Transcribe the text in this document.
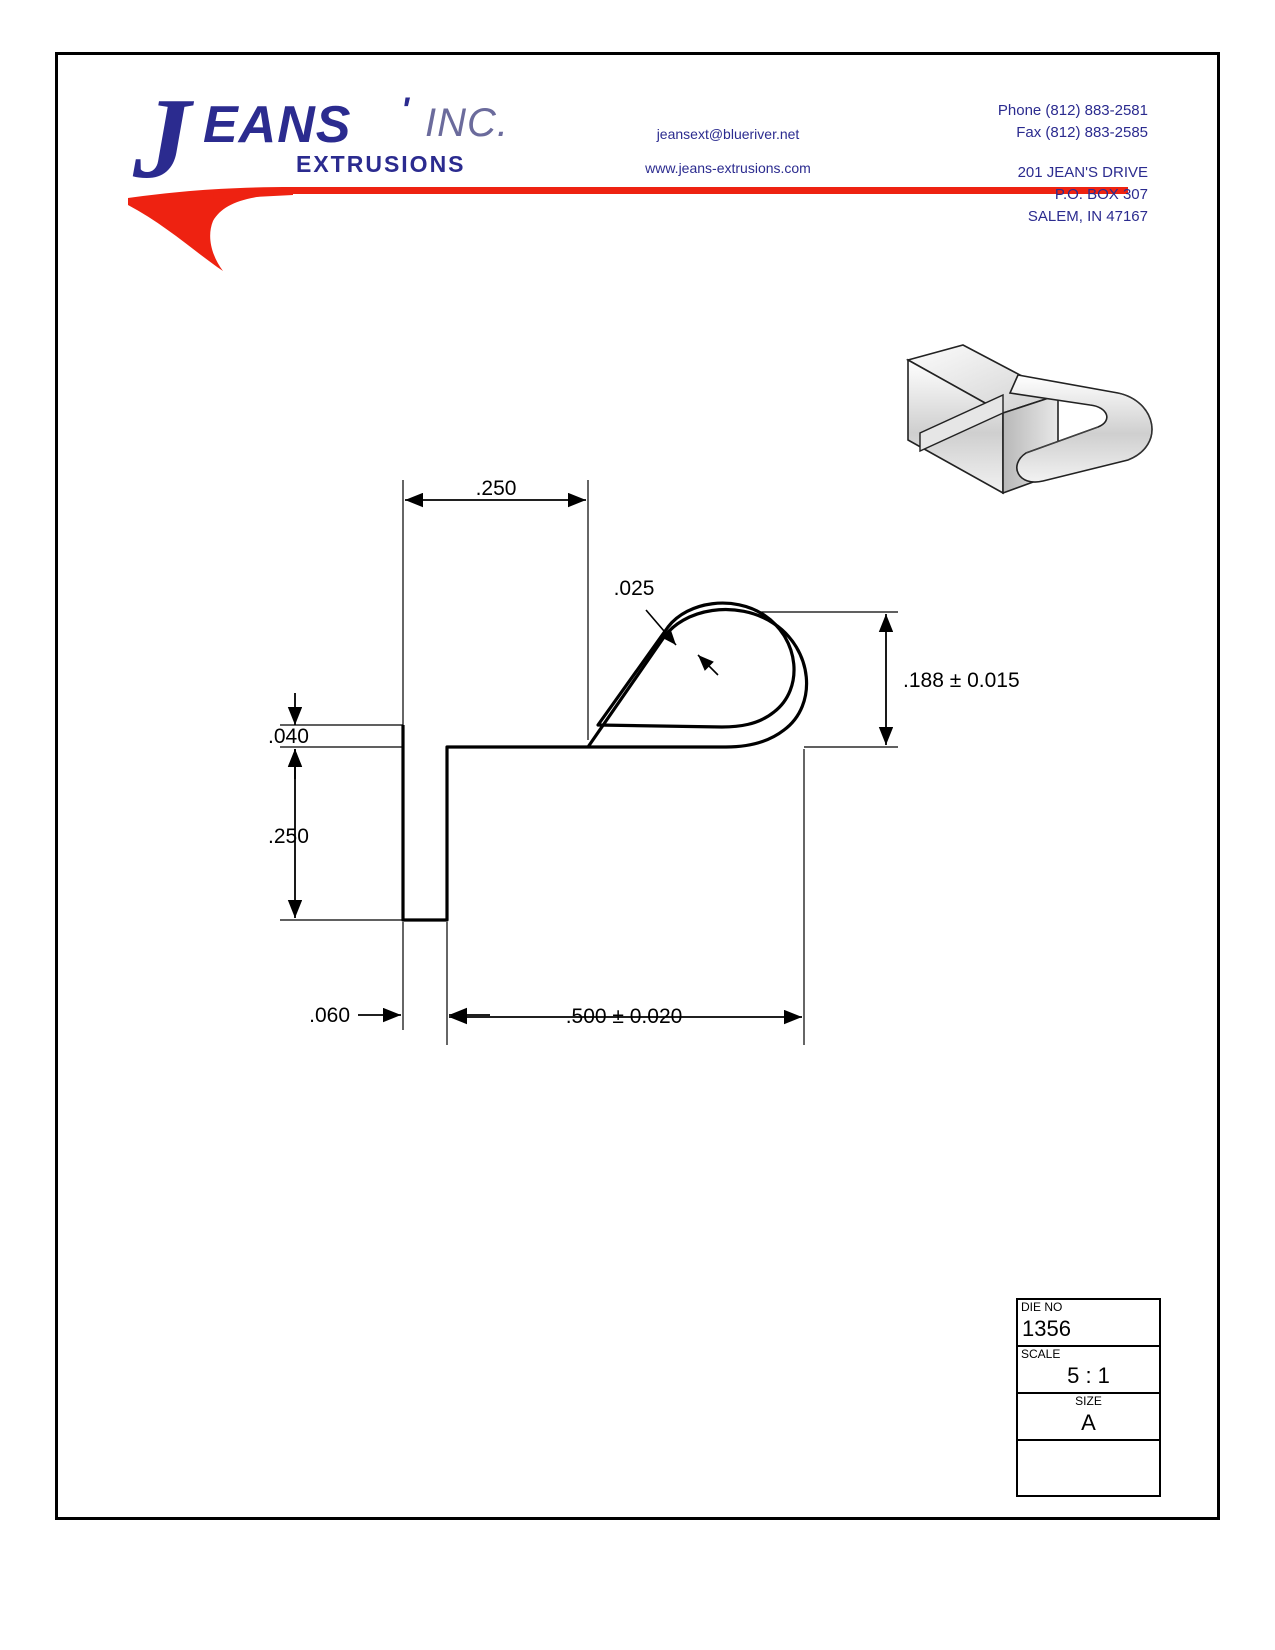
J EANS ' INC.
EXTRUSIONS
jeansext@blueriver.net
www.jeans-extrusions.com
Phone (812) 883-2581
Fax (812) 883-2585
201 JEAN'S DRIVE
P.O. BOX 307
SALEM, IN 47167
.250
.025
.188 ± 0.015
.040
.250
.060	.500 ± 0.020
DIE NO
1356
SCALE
5 : 1
SIZE
A
